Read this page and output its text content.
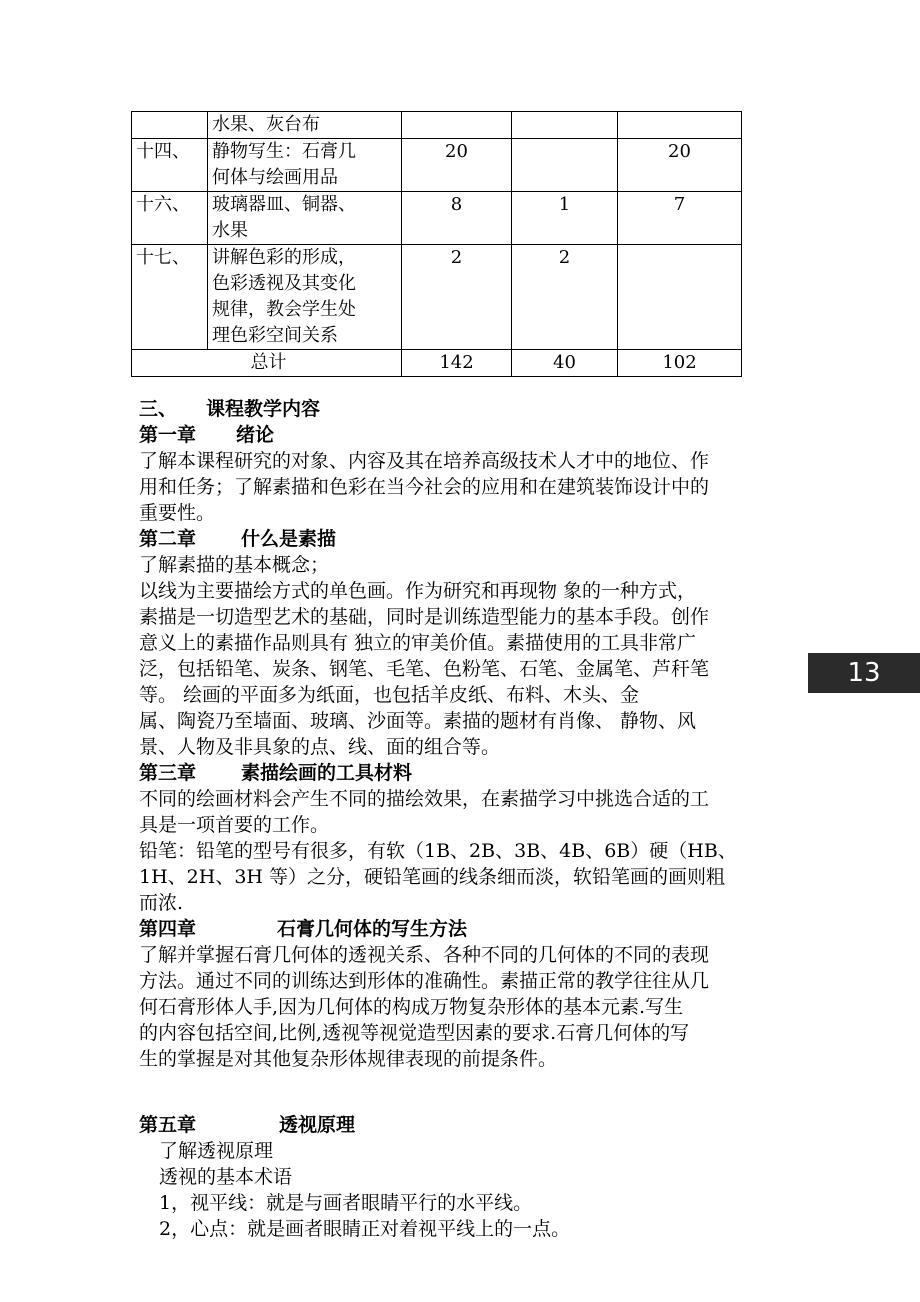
	水果、灰台布			

十四、	静物写生：石膏几
何体与绘画用品	20		20
十六、	玻璃器皿、铜器、
水果	8	1	7
十七、	讲解色彩的形成，
色彩透视及其变化
规律，教会学生处
理色彩空间关系	2	2	
总计		142	40	102

三、 课程教学内容

第一章 绪论

了解本课程研究的对象、内容及其在培养高级技术人才中的地位、作

用和任务；了解素描和色彩在当今社会的应用和在建筑装饰设计中的

重要性。

第二章 什么是素描

了解素描的基本概念；

以线为主要描绘方式的单色画。作为研究和再现物 象的一种方式，

素描是一切造型艺术的基础，同时是训练造型能力的基本手段。创作

意义上的素描作品则具有 独立的审美价值。素描使用的工具非常广

泛，包括铅笔、炭条、钢笔、毛笔、色粉笔、石笔、金属笔、芦秆笔

等。 绘画的平面多为纸面，也包括羊皮纸、布料、木头、金

属、陶瓷乃至墙面、玻璃、沙面等。素描的题材有肖像、 静物、风

景、人物及非具象的点、线、面的组合等。

第三章 素描绘画的工具材料

不同的绘画材料会产生不同的描绘效果，在素描学习中挑选合适的工

具是一项首要的工作。

铅笔：铅笔的型号有很多，有软（1B、2B、3B、4B、6B）硬（HB、

1H、2H、3H 等）之分，硬铅笔画的线条细而淡，软铅笔画的画则粗

而浓.

第四章	石膏几何体的写生方法

了解并掌握石膏几何体的透视关系、各种不同的几何体的不同的表现

方法。通过不同的训练达到形体的准确性。素描正常的教学往往从几

何石膏形体人手,因为几何体的构成万物复杂形体的基本元素.写生

的内容包括空间,比例,透视等视觉造型因素的要求.石膏几何体的写

生的掌握是对其他复杂形体规律表现的前提条件。

第五章	透视原理

了解透视原理

透视的基本术语

1，视平线：就是与画者眼睛平行的水平线。

2，心点：就是画者眼睛正对着视平线上的一点。

13
